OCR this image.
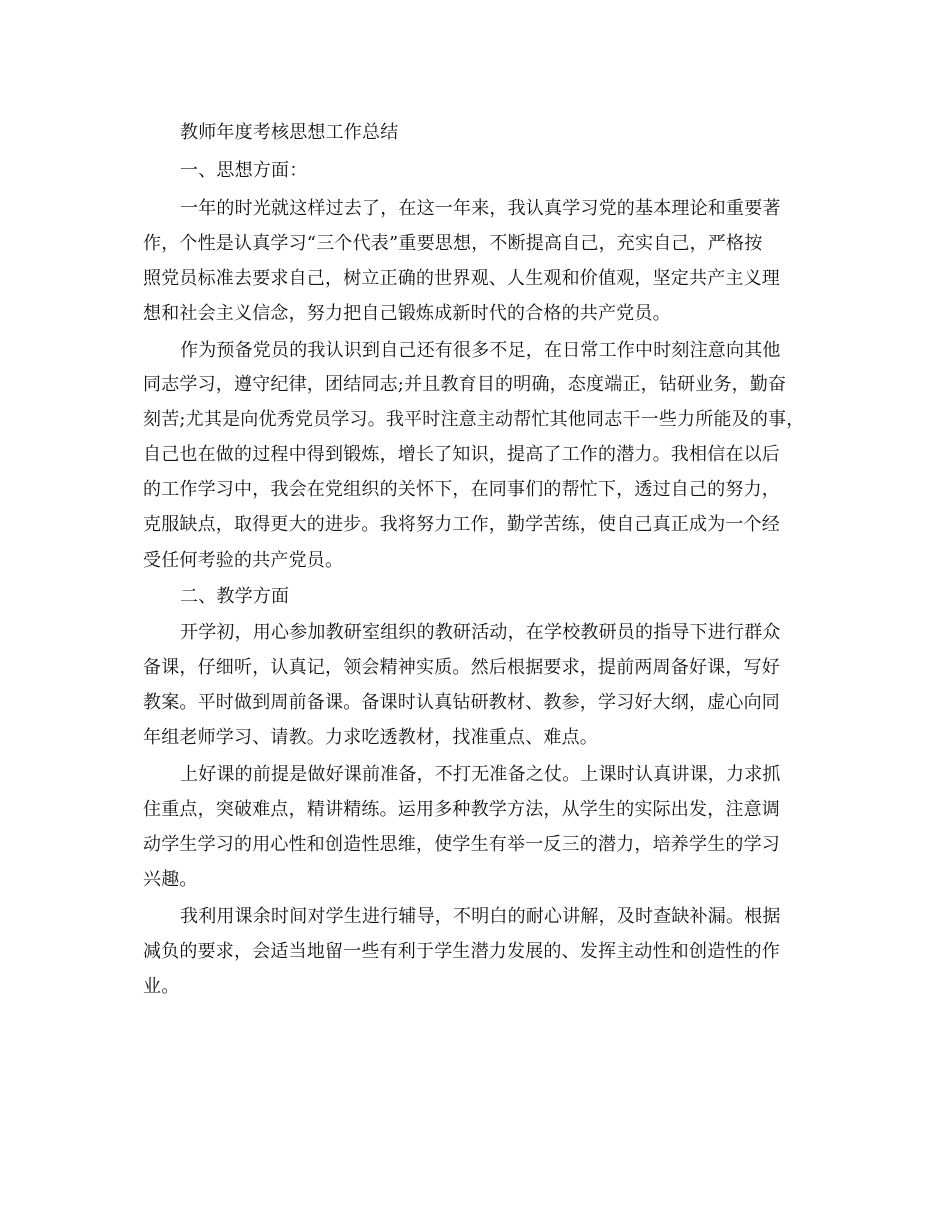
教师年度考核思想工作总结
一、思想方面：
一年的时光就这样过去了，在这一年来，我认真学习党的基本理论和重要著
作，个性是认真学习“三个代表”重要思想，不断提高自己，充实自己，严格按
照党员标准去要求自己，树立正确的世界观、人生观和价值观，坚定共产主义理
想和社会主义信念，努力把自己锻炼成新时代的合格的共产党员。
作为预备党员的我认识到自己还有很多不足，在日常工作中时刻注意向其他
同志学习，遵守纪律，团结同志;并且教育目的明确，态度端正，钻研业务，勤奋
刻苦;尤其是向优秀党员学习。我平时注意主动帮忙其他同志干一些力所能及的事，
自己也在做的过程中得到锻炼，增长了知识，提高了工作的潜力。我相信在以后
的工作学习中，我会在党组织的关怀下，在同事们的帮忙下，透过自己的努力，
克服缺点，取得更大的进步。我将努力工作，勤学苦练，使自己真正成为一个经
受任何考验的共产党员。
二、教学方面
开学初，用心参加教研室组织的教研活动，在学校教研员的指导下进行群众
备课，仔细听，认真记，领会精神实质。然后根据要求，提前两周备好课，写好
教案。平时做到周前备课。备课时认真钻研教材、教参，学习好大纲，虚心向同
年组老师学习、请教。力求吃透教材，找准重点、难点。
上好课的前提是做好课前准备，不打无准备之仗。上课时认真讲课，力求抓
住重点，突破难点，精讲精练。运用多种教学方法，从学生的实际出发，注意调
动学生学习的用心性和创造性思维，使学生有举一反三的潜力，培养学生的学习
兴趣。
我利用课余时间对学生进行辅导，不明白的耐心讲解，及时查缺补漏。根据
减负的要求，会适当地留一些有利于学生潜力发展的、发挥主动性和创造性的作
业。
